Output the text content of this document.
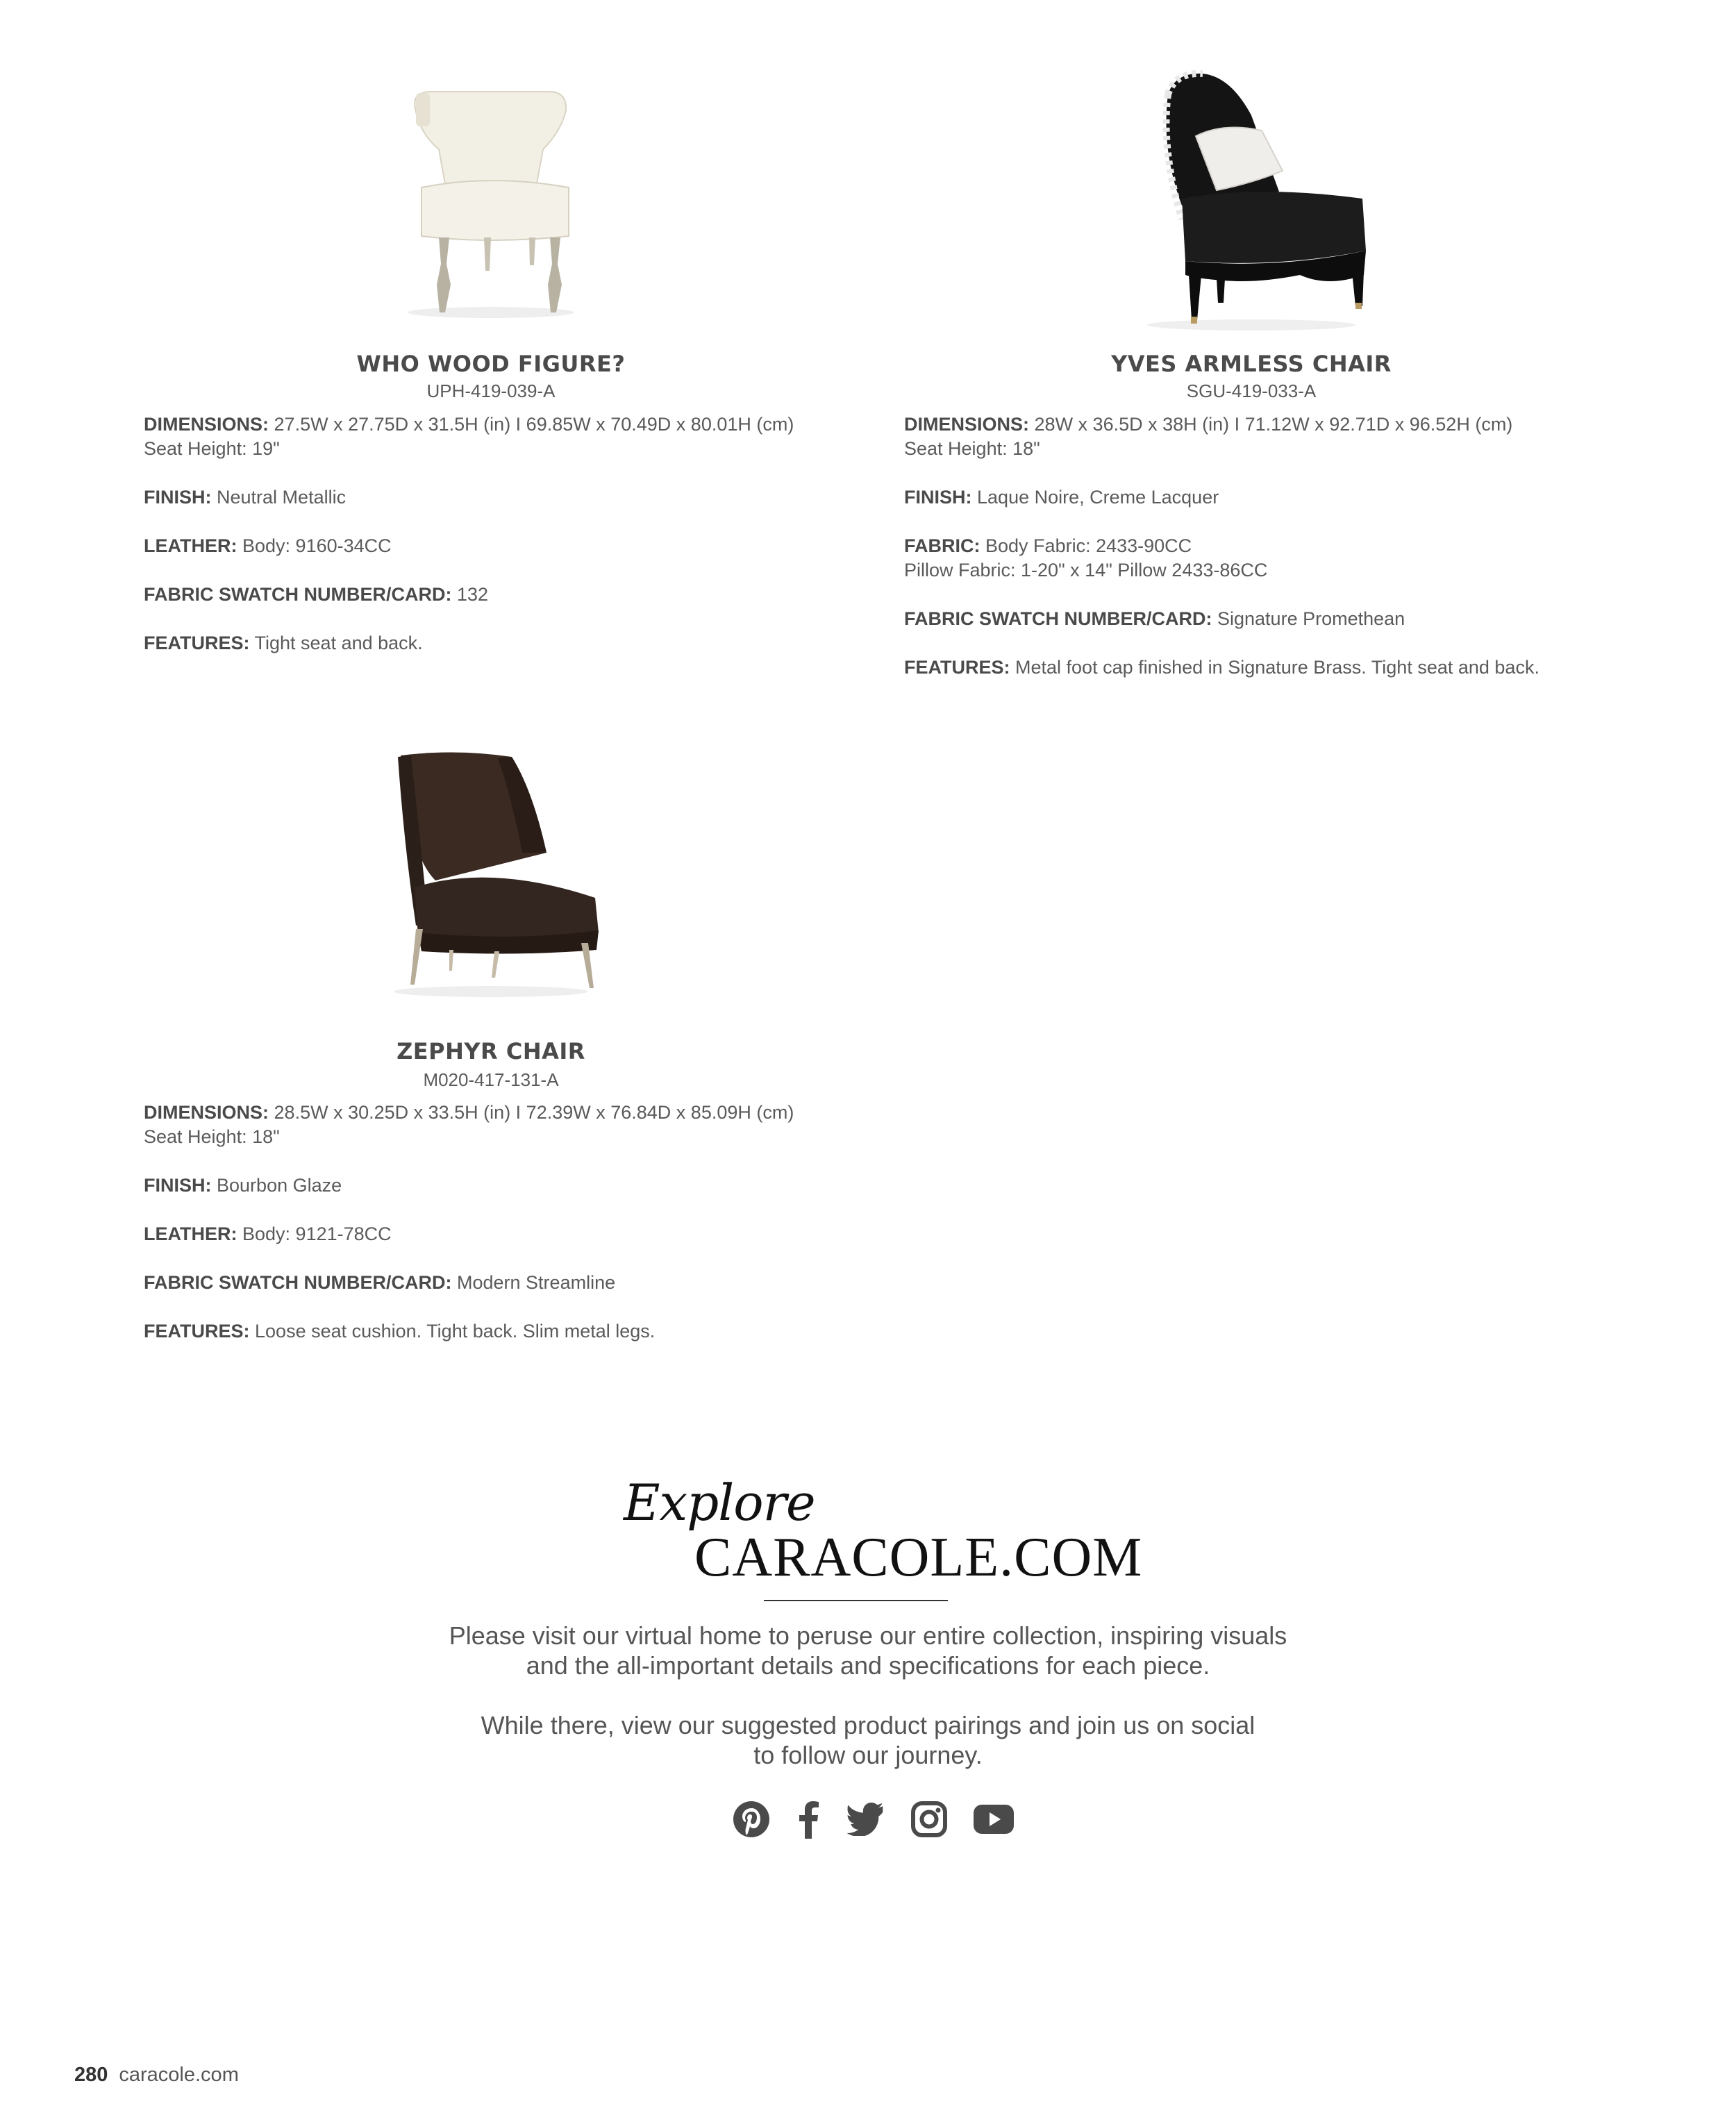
WHO WOOD FIGURE?
UPH-419-039-A
DIMENSIONS: 27.5W x 27.75D x 31.5H (in) I 69.85W x 70.49D x 80.01H (cm)
Seat Height: 19"
FINISH: Neutral Metallic
LEATHER: Body: 9160-34CC
FABRIC SWATCH NUMBER/CARD: 132
FEATURES: Tight seat and back.
YVES ARMLESS CHAIR
SGU-419-033-A
DIMENSIONS: 28W x 36.5D x 38H (in) I 71.12W x 92.71D x 96.52H (cm)
Seat Height: 18"
FINISH: Laque Noire, Creme Lacquer
FABRIC: Body Fabric: 2433-90CC
Pillow Fabric: 1-20" x 14" Pillow 2433-86CC
FABRIC SWATCH NUMBER/CARD: Signature Promethean
FEATURES: Metal foot cap finished in Signature Brass. Tight seat and back.
ZEPHYR CHAIR
M020-417-131-A
DIMENSIONS: 28.5W x 30.25D x 33.5H (in) I 72.39W x 76.84D x 85.09H (cm)
Seat Height: 18"
FINISH: Bourbon Glaze
LEATHER: Body: 9121-78CC
FABRIC SWATCH NUMBER/CARD: Modern Streamline
FEATURES: Loose seat cushion. Tight back. Slim metal legs.
Explore
CARACOLE.COM
Please visit our virtual home to peruse our entire collection, inspiring visuals
and the all-important details and specifications for each piece.
While there, view our suggested product pairings and join us on social
to follow our journey.
280 caracole.com
